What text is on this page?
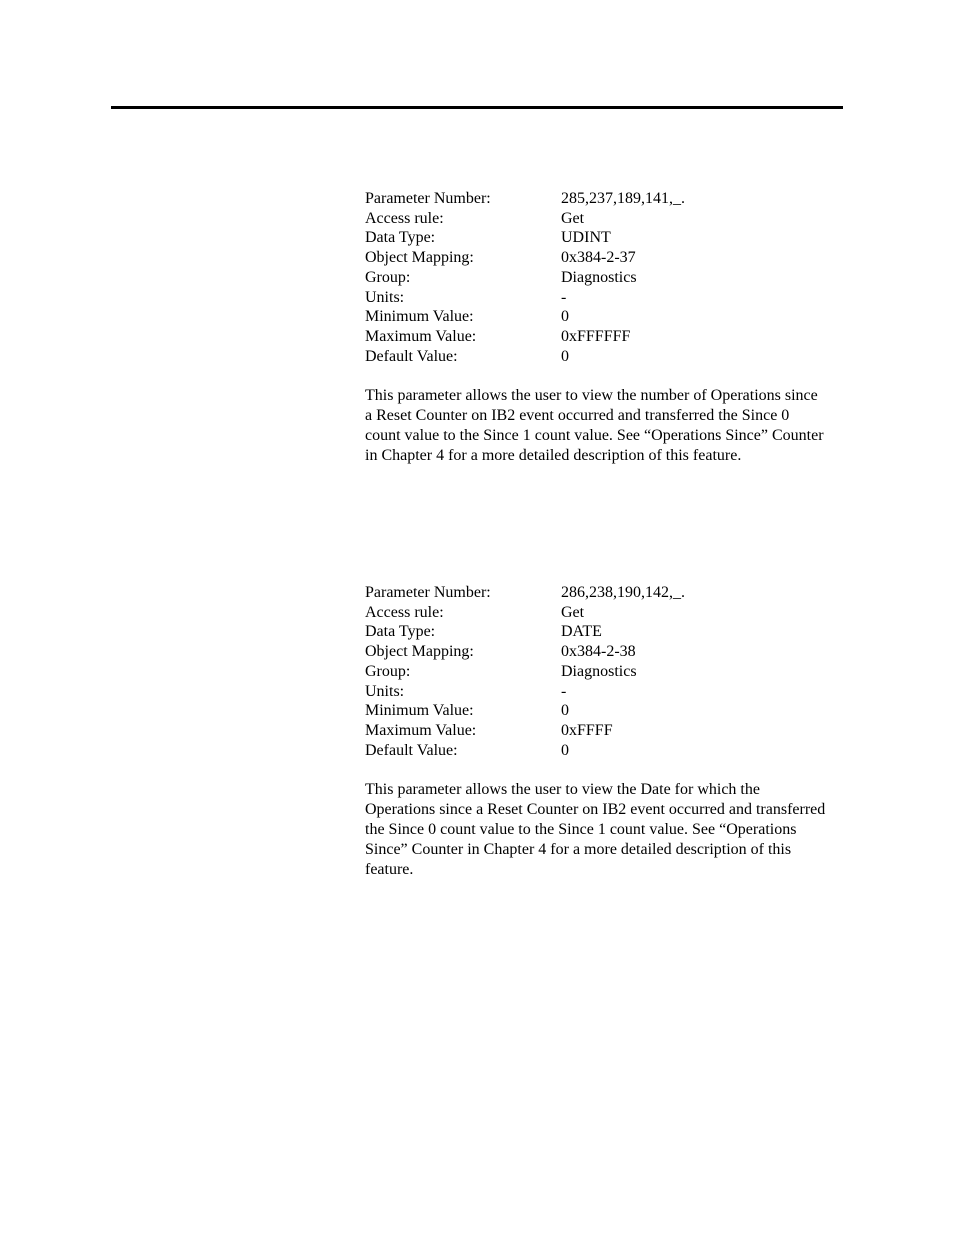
Parameter Number:	285,237,189,141,_.
Access rule:	Get
Data Type:	UDINT
Object Mapping:	0x384-2-37
Group:	Diagnostics
Units:	-
Minimum Value:	0
Maximum Value:	0xFFFFFF
Default Value:	0

This parameter allows the user to view the number of Operations since a Reset Counter on IB2 event occurred and transferred the Since 0 count value to the Since 1 count value. See “Operations Since” Counter in Chapter 4 for a more detailed description of this feature.

Parameter Number:	286,238,190,142,_.
Access rule:	Get
Data Type:	DATE
Object Mapping:	0x384-2-38
Group:	Diagnostics
Units:	-
Minimum Value:	0
Maximum Value:	0xFFFF
Default Value:	0

This parameter allows the user to view the Date for which the Operations since a Reset Counter on IB2 event occurred and transferred the Since 0 count value to the Since 1 count value. See “Operations Since” Counter in Chapter 4 for a more detailed description of this feature.
